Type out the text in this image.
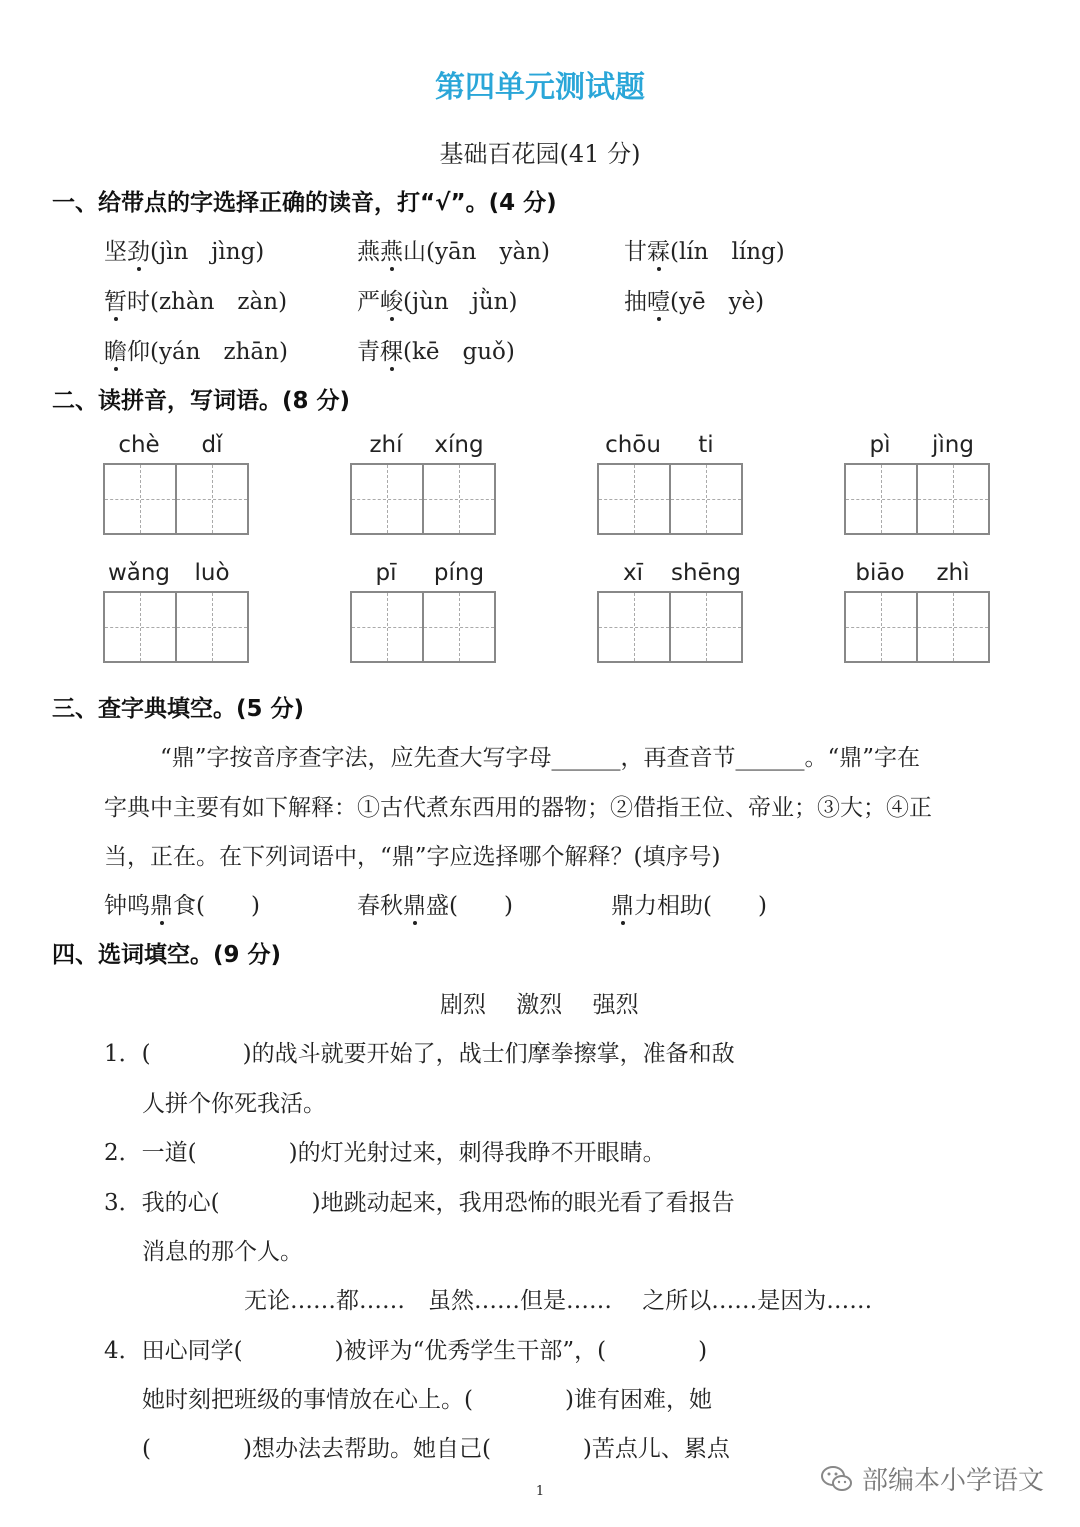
第四单元测试题
基础百花园(41 分)
一、给带点的字选择正确的读音，打“√”。(4 分)
坚劲(jìn　jìng)	燕燕山(yān　yàn)	甘霖(lín　líng)
暂时(zhàn　zàn)	严峻(jùn　jǜn)	抽噎(yē　yè)
瞻仰(yán　zhān)	青稞(kē　guǒ)
二、读拼音，写词语。(8 分)
chè dǐ	zhí xíng	chōu ti	pì jìng
wǎng luò	pī píng	xī shēng	biāo zhì
三、查字典填空。(5 分)
“鼎”字按音序查字法，应先查大写字母______，再查音节______。“鼎”字在
字典中主要有如下解释：①古代煮东西用的器物；②借指王位、帝业；③大；④正
当，正在。在下列词语中，“鼎”字应选择哪个解释？(填序号)
钟鸣鼎食(　　)	春秋鼎盛(　　)	鼎力相助(　　)
四、选词填空。(9 分)
剧烈　 激烈　 强烈
1．(　　　　)的战斗就要开始了，战士们摩拳擦掌，准备和敌
人拼个你死我活。
2．一道(　　　　)的灯光射过来，刺得我睁不开眼睛。
3．我的心(　　　　)地跳动起来，我用恐怖的眼光看了看报告
消息的那个人。
无论……都……　虽然……但是……　 之所以……是因为……
4．田心同学(　　　　)被评为“优秀学生干部”，(　　　　)
她时刻把班级的事情放在心上。(　　　　)谁有困难，她
(　　　　)想办法去帮助。她自己(　　　　)苦点儿、累点
1	部编本小学语文
